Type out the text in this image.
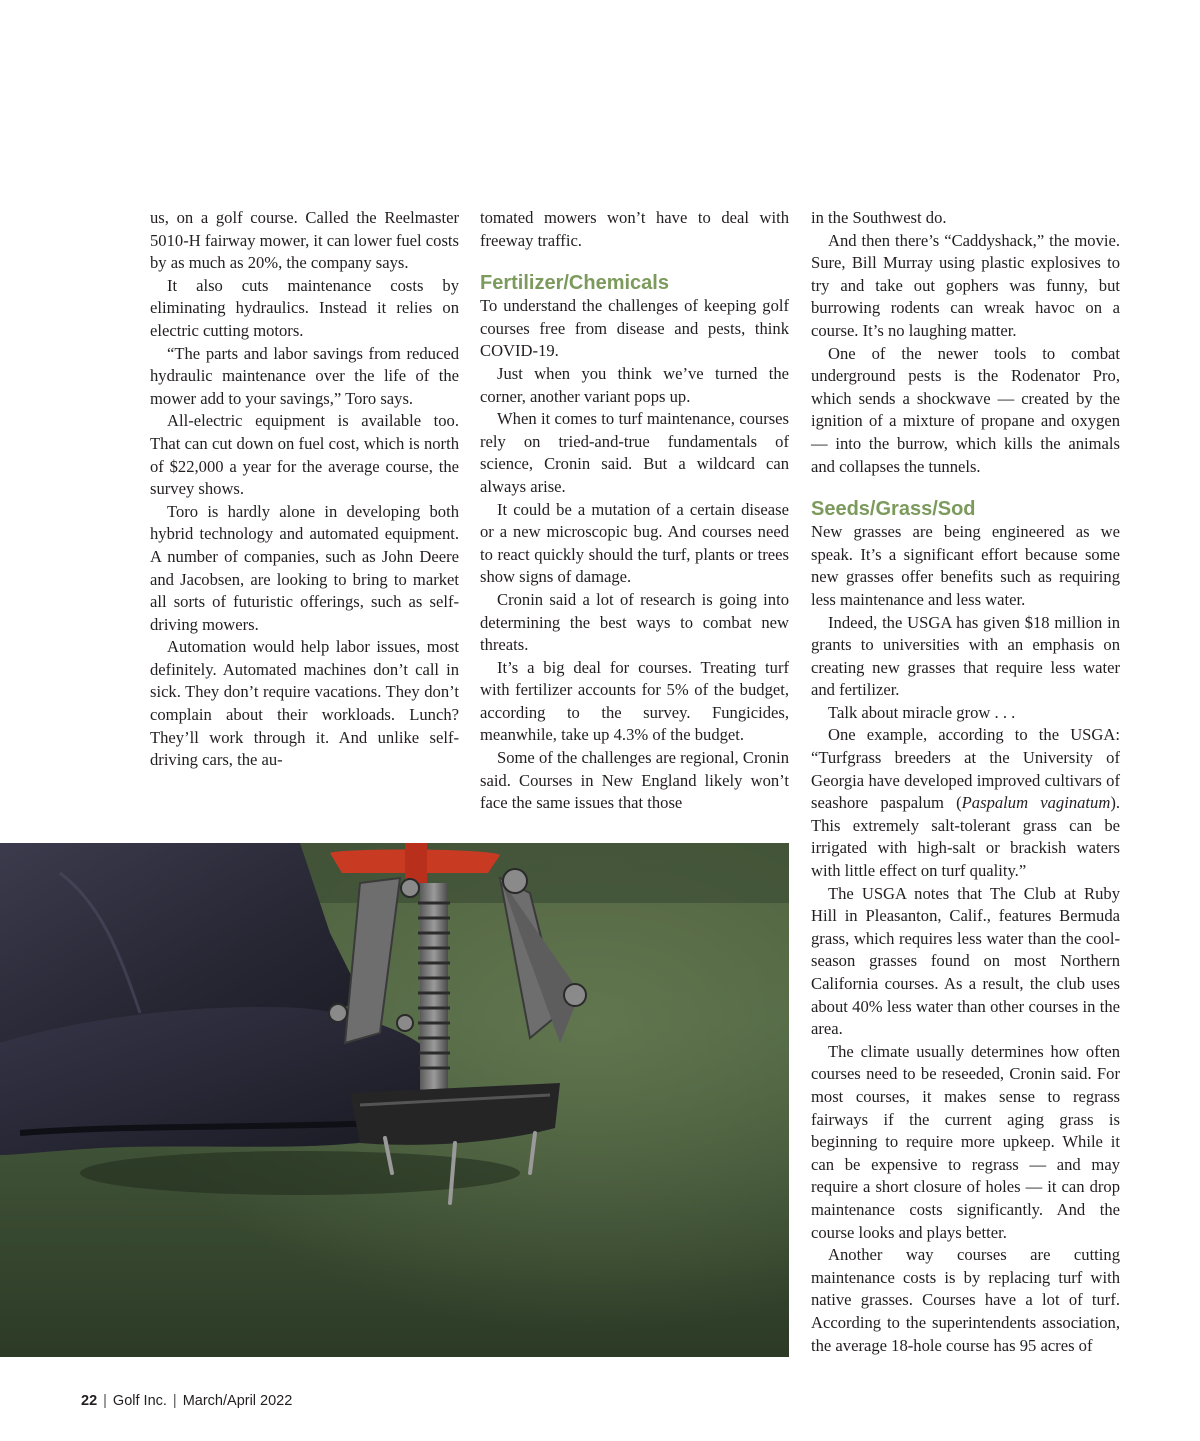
us, on a golf course. Called the Reelmaster 5010-H fairway mower, it can lower fuel costs by as much as 20%, the company says.

It also cuts maintenance costs by eliminating hydraulics. Instead it relies on electric cutting motors.

“The parts and labor savings from reduced hydraulic maintenance over the life of the mower add to your savings,” Toro says.

All-electric equipment is available too. That can cut down on fuel cost, which is north of $22,000 a year for the average course, the survey shows.

Toro is hardly alone in developing both hybrid technology and automated equipment. A number of companies, such as John Deere and Jacobsen, are looking to bring to market all sorts of futuristic offerings, such as self-driving mowers.

Automation would help labor issues, most definitely. Automated machines don’t call in sick. They don’t require vacations. They don’t complain about their workloads. Lunch? They’ll work through it. And unlike self-driving cars, the au-

tomated mowers won’t have to deal with freeway traffic.

Fertilizer/Chemicals

To understand the challenges of keeping golf courses free from disease and pests, think COVID-19.

Just when you think we’ve turned the corner, another variant pops up.

When it comes to turf maintenance, courses rely on tried-and-true fundamentals of science, Cronin said. But a wildcard can always arise.

It could be a mutation of a certain disease or a new microscopic bug. And courses need to react quickly should the turf, plants or trees show signs of damage.

Cronin said a lot of research is going into determining the best ways to combat new threats.

It’s a big deal for courses. Treating turf with fertilizer accounts for 5% of the budget, according to the survey. Fungicides, meanwhile, take up 4.3% of the budget.

Some of the challenges are regional, Cronin said. Courses in New England likely won’t face the same issues that those

in the Southwest do.

And then there’s “Caddyshack,” the movie. Sure, Bill Murray using plastic explosives to try and take out gophers was funny, but burrowing rodents can wreak havoc on a course. It’s no laughing matter.

One of the newer tools to combat underground pests is the Rodenator Pro, which sends a shockwave — created by the ignition of a mixture of propane and oxygen — into the burrow, which kills the animals and collapses the tunnels.

Seeds/Grass/Sod

New grasses are being engineered as we speak. It’s a significant effort because some new grasses offer benefits such as requiring less maintenance and less water.

Indeed, the USGA has given $18 million in grants to universities with an emphasis on creating new grasses that require less water and fertilizer.

Talk about miracle grow . . .

One example, according to the USGA: “Turfgrass breeders at the University of Georgia have developed improved cultivars of seashore paspalum (Paspalum vaginatum). This extremely salt-tolerant grass can be irrigated with high-salt or brackish waters with little effect on turf quality.”

The USGA notes that The Club at Ruby Hill in Pleasanton, Calif., features Bermuda grass, which requires less water than the cool-season grasses found on most Northern California courses. As a result, the club uses about 40% less water than other courses in the area.

The climate usually determines how often courses need to be reseeded, Cronin said. For most courses, it makes sense to regrass fairways if the current aging grass is beginning to require more upkeep. While it can be expensive to regrass — and may require a short closure of holes — it can drop maintenance costs significantly. And the course looks and plays better.

Another way courses are cutting maintenance costs is by replacing turf with native grasses. Courses have a lot of turf. According to the superintendents association, the average 18-hole course has 95 acres of

22 | Golf Inc. | March/April 2022
